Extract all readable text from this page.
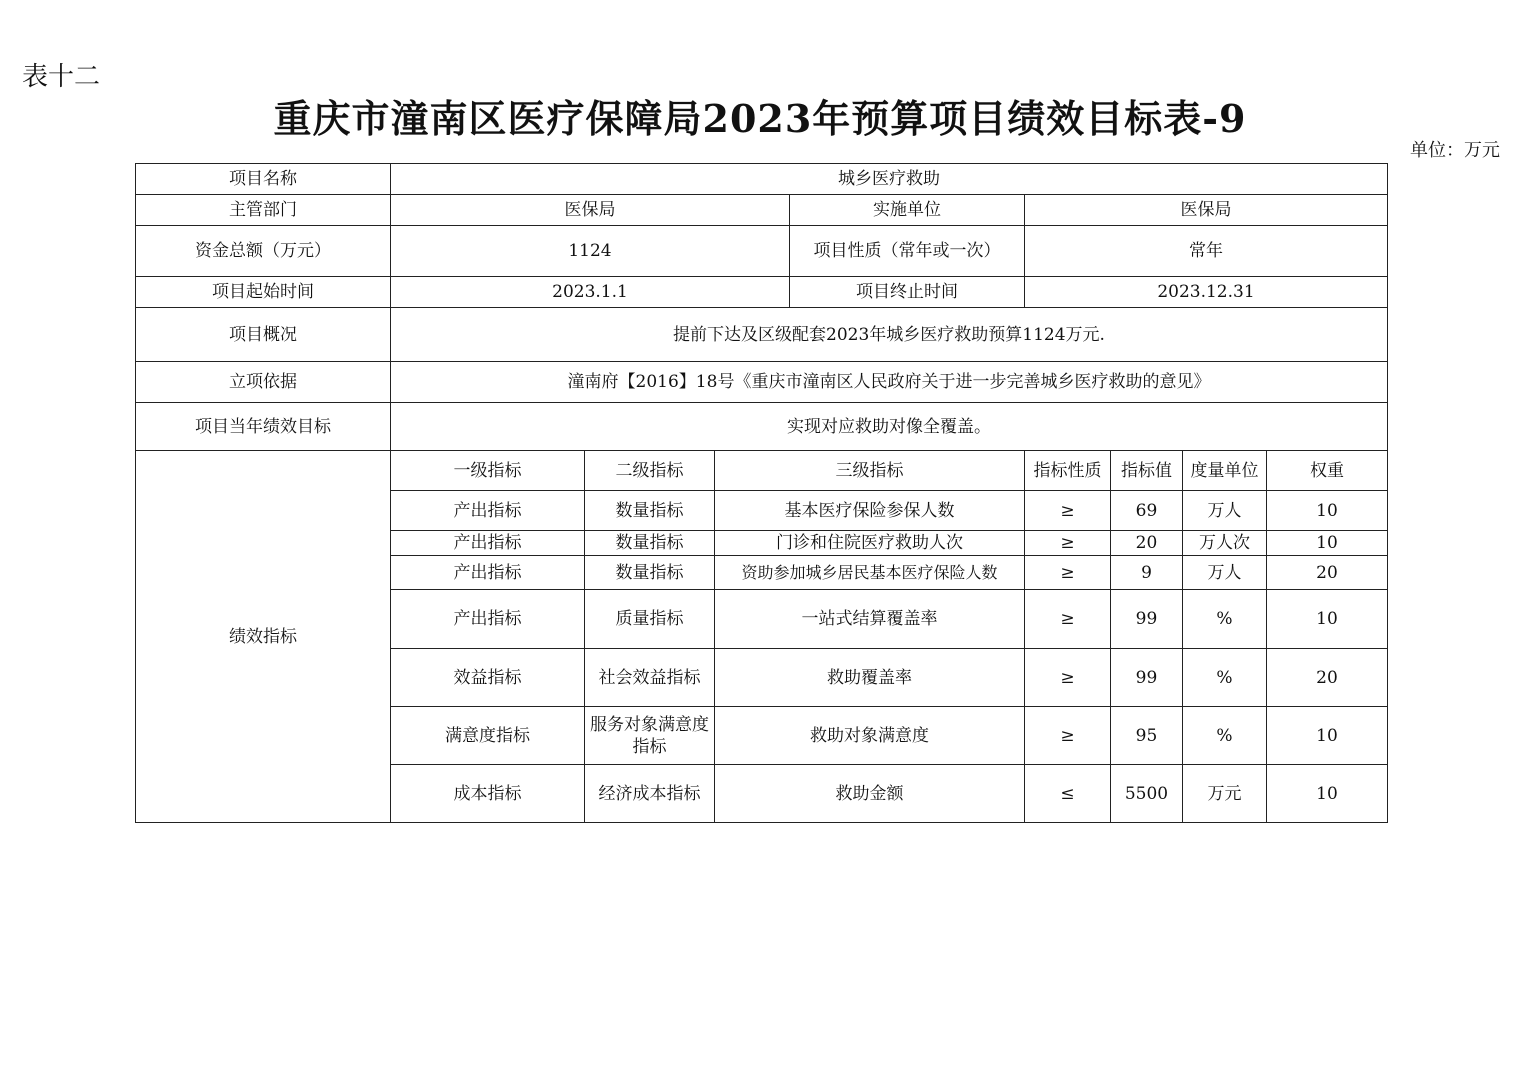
表十二
重庆市潼南区医疗保障局2023年预算项目绩效目标表-9
单位：万元
项目名称	城乡医疗救助							
主管部门	医保局			实施单位	医保局			
资金总额（万元）	1124			项目性质（常年或一次）	常年			
项目起始时间	2023.1.1			项目终止时间	2023.12.31			
项目概况	提前下达及区级配套2023年城乡医疗救助预算1124万元.							
立项依据	潼南府【2016】18号《重庆市潼南区人民政府关于进一步完善城乡医疗救助的意见》							
项目当年绩效目标	实现对应救助对像全覆盖。							
绩效指标	一级指标	二级指标	三级指标		指标性质	指标值	度量单位	权重
	产出指标	数量指标	基本医疗保险参保人数		≥	69	万人	10
	产出指标	数量指标	门诊和住院医疗救助人次		≥	20	万人次	10
	产出指标	数量指标	资助参加城乡居民基本医疗保险人数		≥	9	万人	20
	产出指标	质量指标	一站式结算覆盖率		≥	99	%	10
	效益指标	社会效益指标	救助覆盖率		≥	99	%	20
	满意度指标	服务对象满意度指标	救助对象满意度		≥	95	%	10
	成本指标	经济成本指标	救助金额		≤	5500	万元	10
